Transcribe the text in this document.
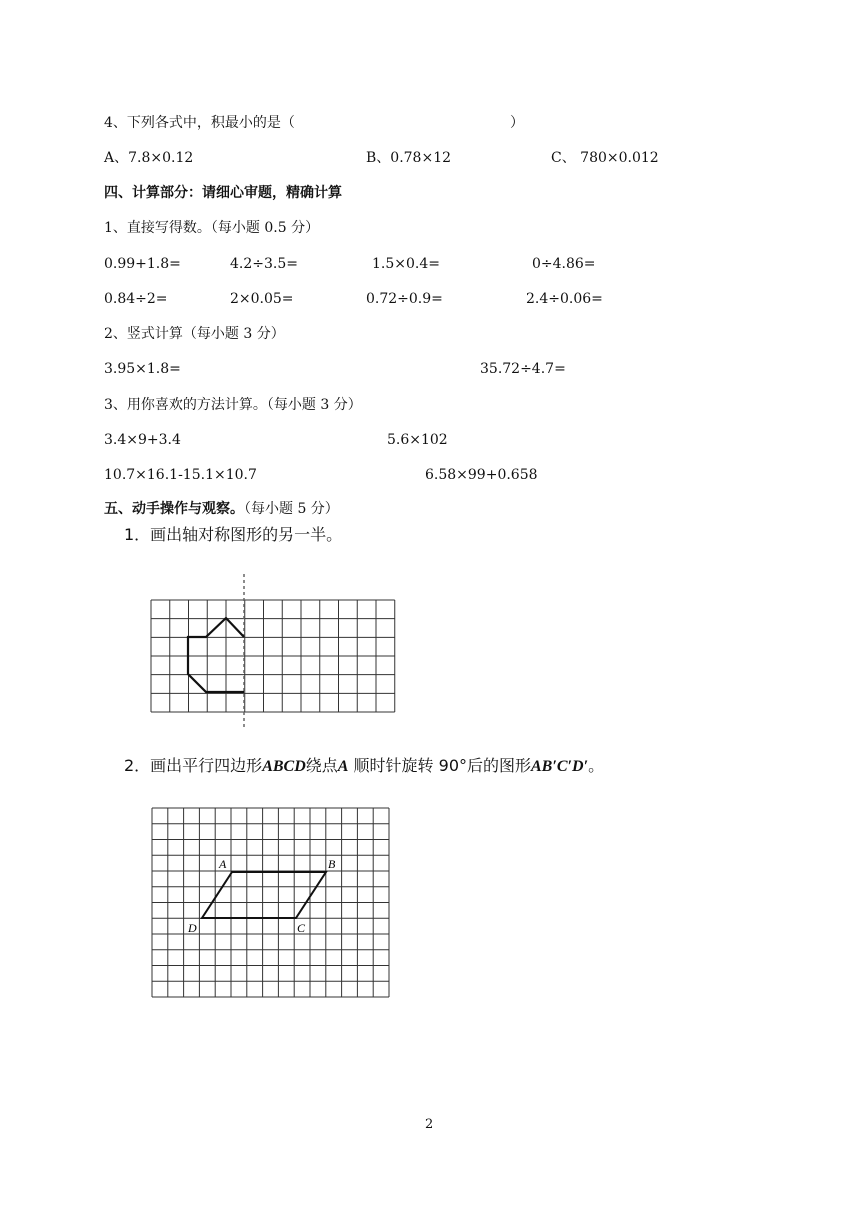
4、下列各式中，积最小的是（	）
A、7.8×0.12	B、0.78×12	C、 780×0.012
四、计算部分：请细心审题，精确计算
1、直接写得数。（每小题 0.5 分）
0.99+1.8=	4.2÷3.5=	1.5×0.4=	0÷4.86=
0.84÷2=	2×0.05=	0.72÷0.9=	2.4÷0.06=
2、竖式计算（每小题 3 分）
3.95×1.8=	35.72÷4.7=
3、用你喜欢的方法计算。（每小题 3 分）
3.4×9+3.4	5.6×102
10.7×16.1-15.1×10.7	6.58×99+0.658
五、动手操作与观察。（每小题 5 分）
1．画出轴对称图形的另一半。
2．画出平行四边形ABCD绕点A 顺时针旋转 90°后的图形AB′C′D′。
A	B
C
D
2
